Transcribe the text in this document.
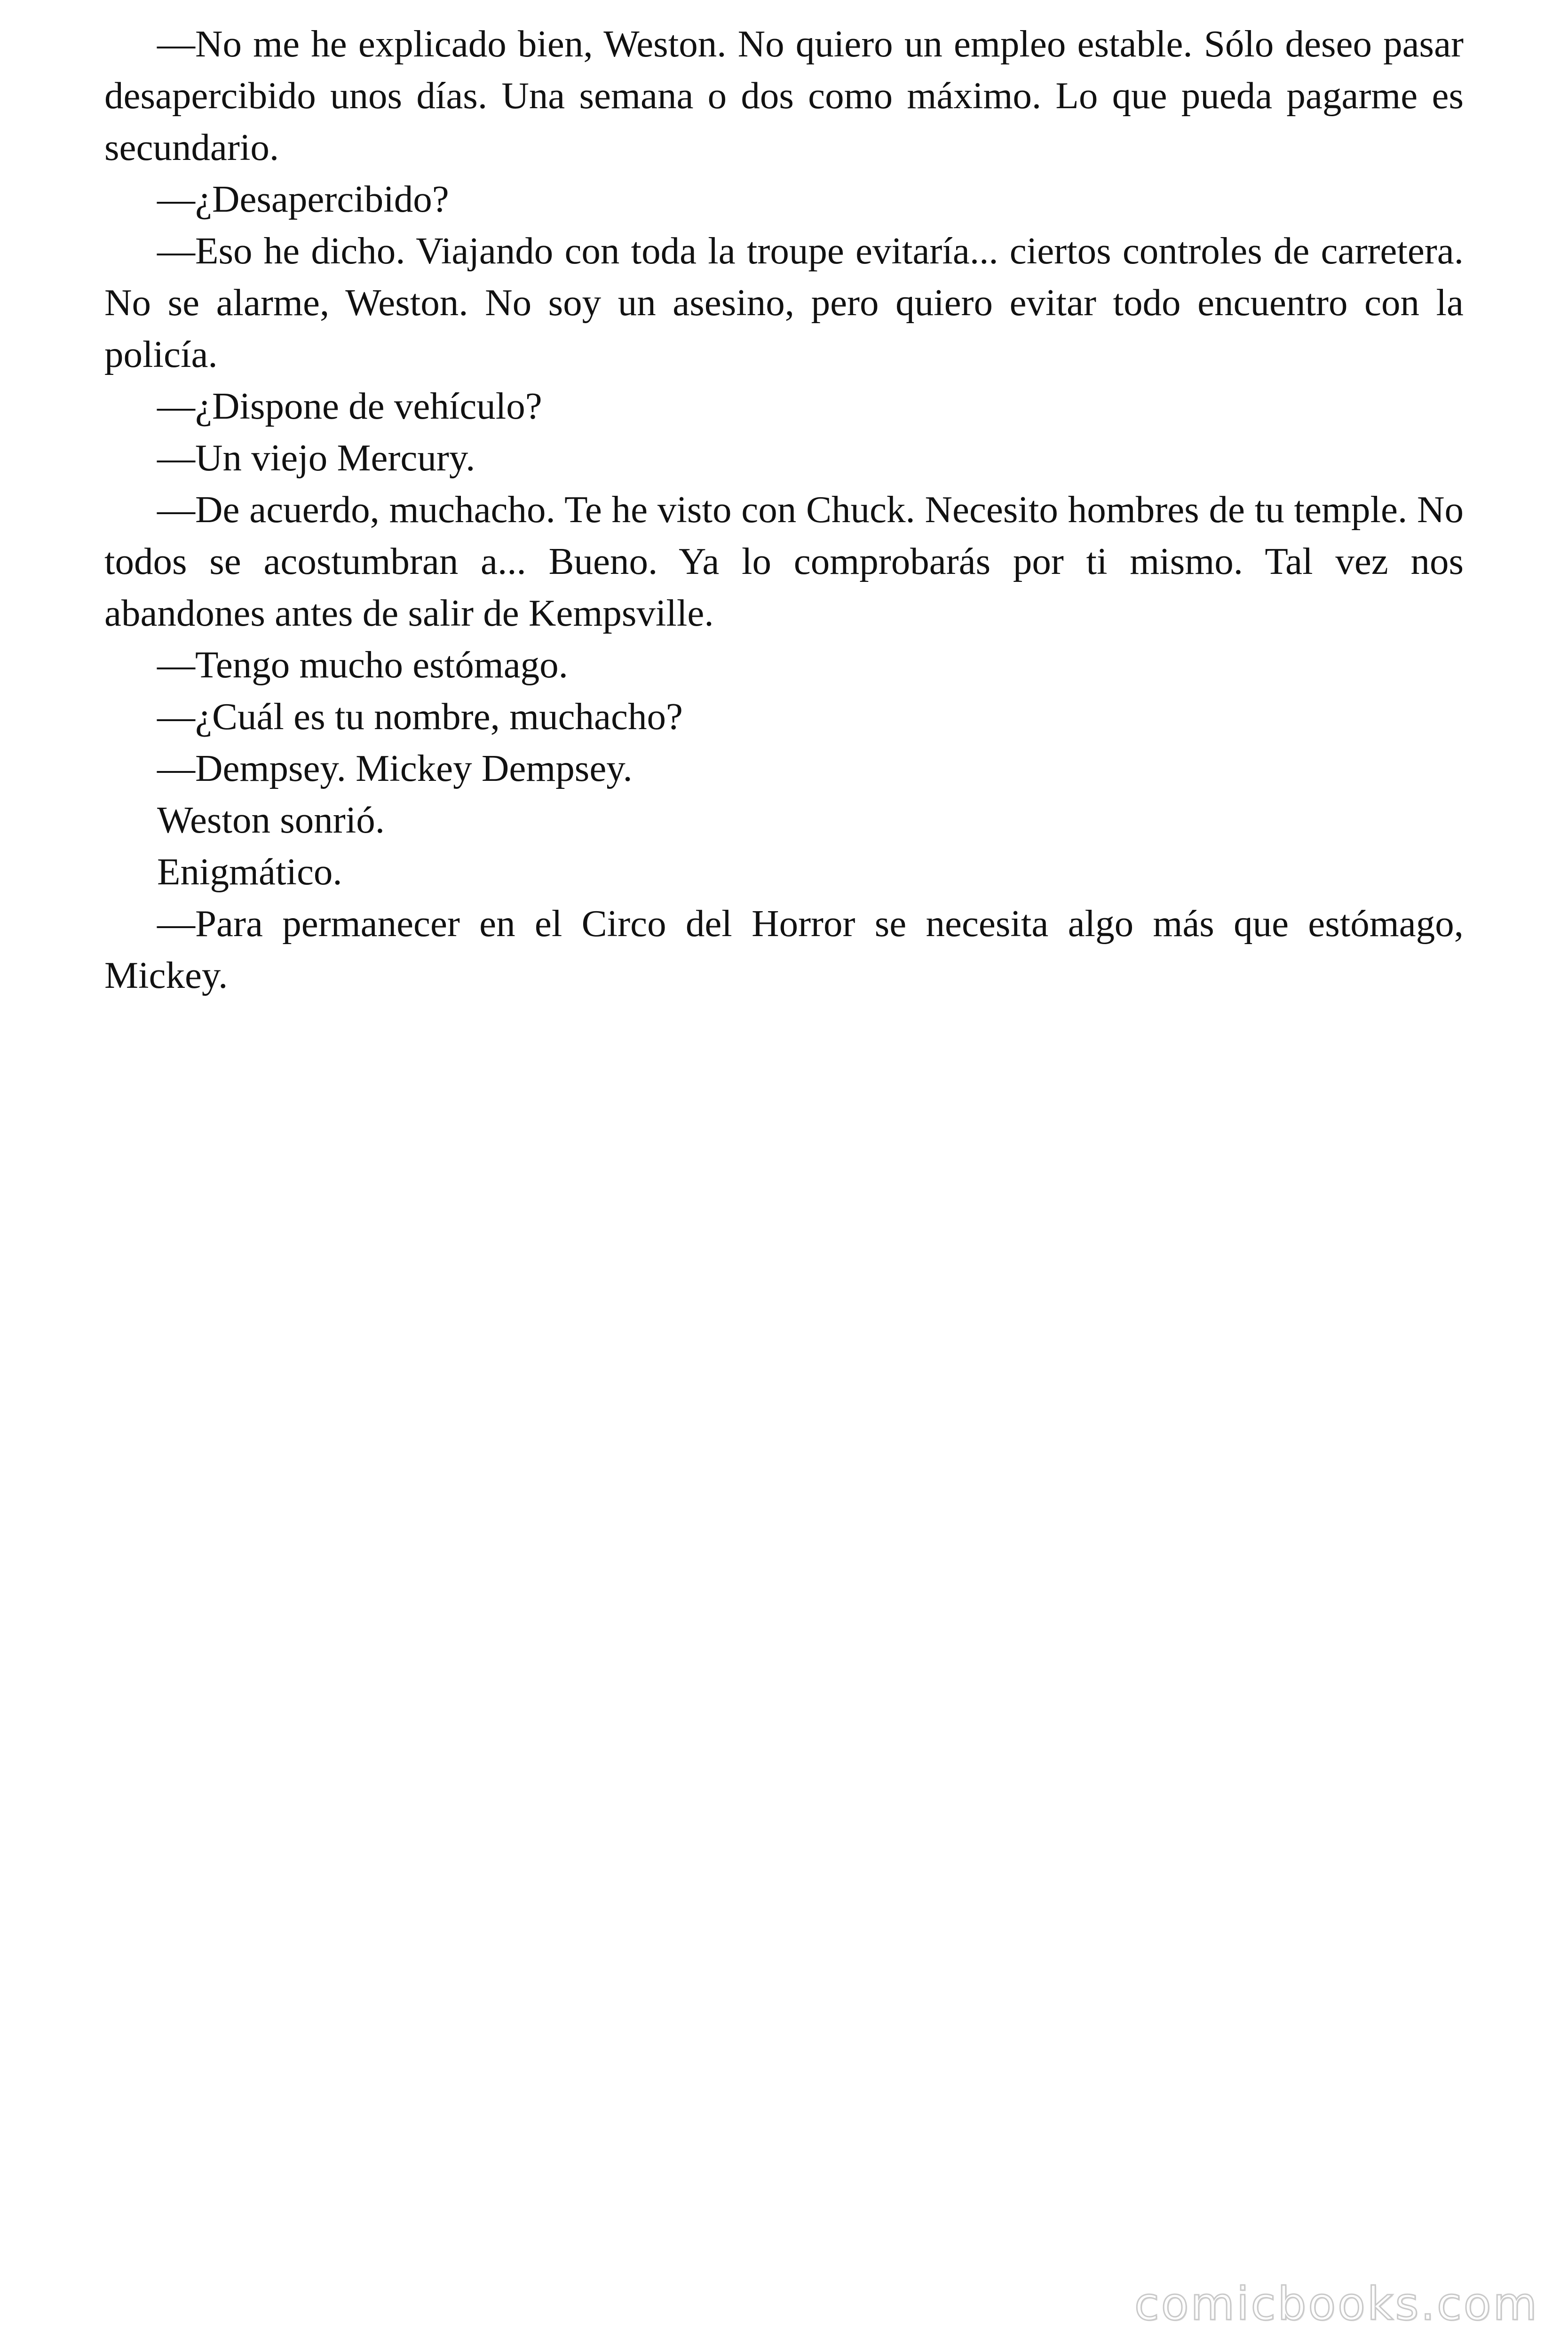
—No me he explicado bien, Weston. No quiero un empleo estable. Sólo deseo pasar desapercibido unos días. Una semana o dos como máximo. Lo que pueda pagarme es secundario.

—¿Desapercibido?

—Eso he dicho. Viajando con toda la troupe evitaría... ciertos controles de carretera. No se alarme, Weston. No soy un asesino, pero quiero evitar todo encuentro con la policía.

—¿Dispone de vehículo?

—Un viejo Mercury.

—De acuerdo, muchacho. Te he visto con Chuck. Necesito hombres de tu temple. No todos se acostumbran a... Bueno. Ya lo comprobarás por ti mismo. Tal vez nos abandones antes de salir de Kempsville.

—Tengo mucho estómago.

—¿Cuál es tu nombre, muchacho?

—Dempsey. Mickey Dempsey.

Weston sonrió.

Enigmático.

—Para permanecer en el Circo del Horror se necesita algo más que estómago, Mickey.

comicbooks.com
